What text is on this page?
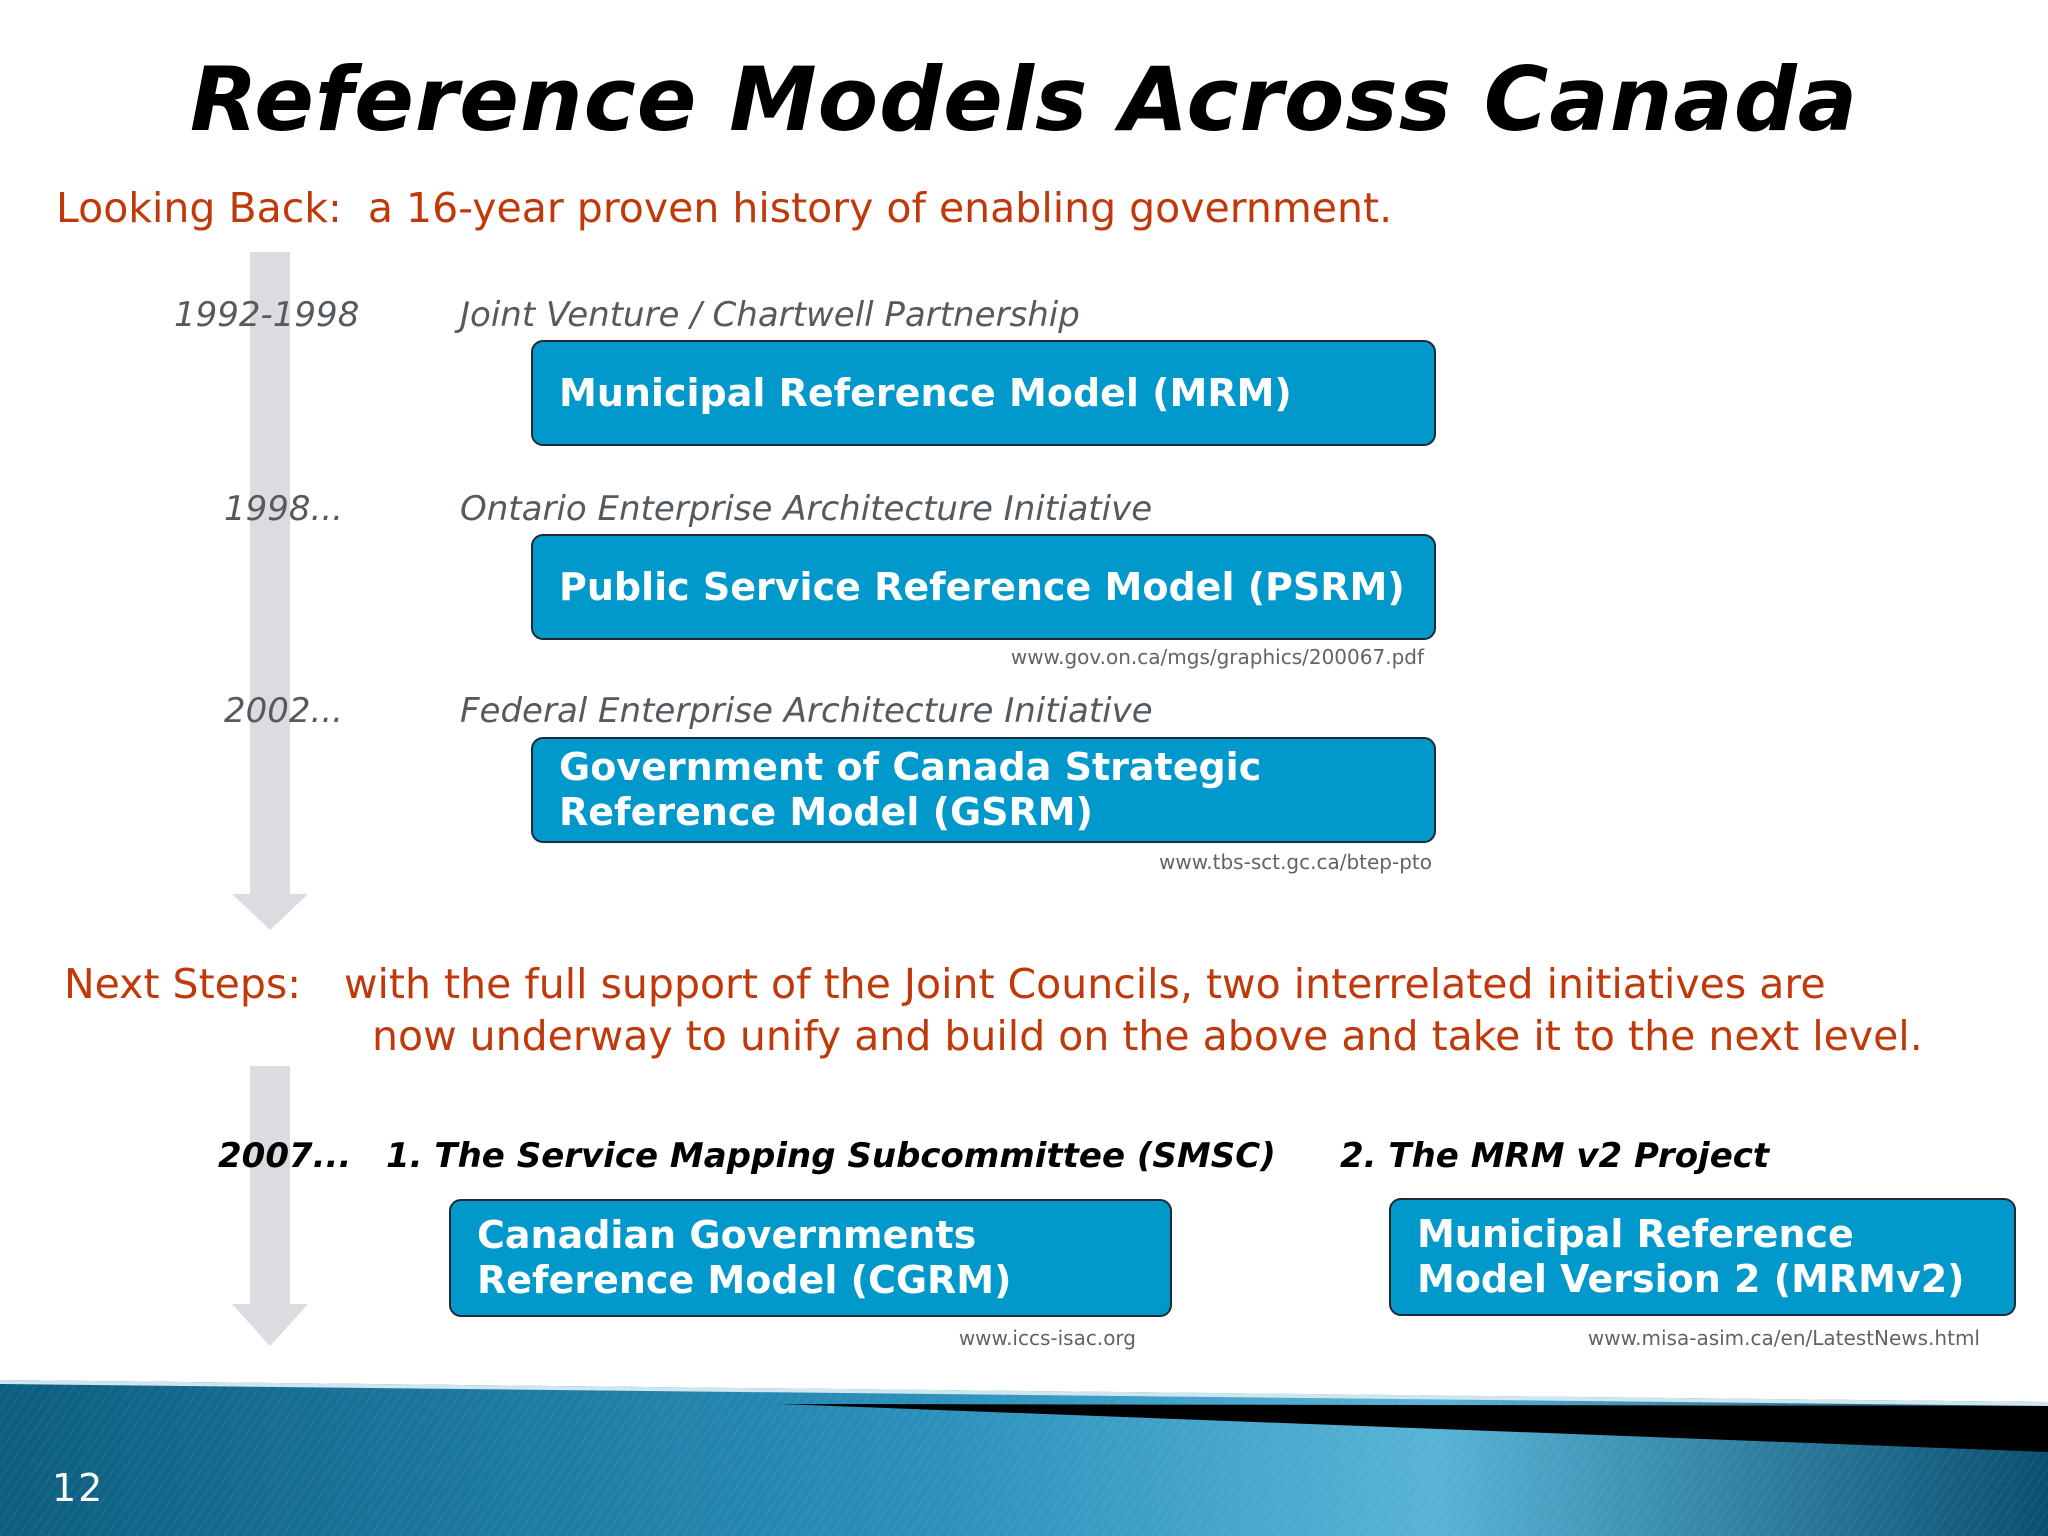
Reference Models Across Canada
Looking Back:  a 16-year proven history of enabling government.
1992-1998	Joint Venture / Chartwell Partnership
Municipal Reference Model (MRM)
1998...	Ontario Enterprise Architecture Initiative
Public Service Reference Model (PSRM)
www.gov.on.ca/mgs/graphics/200067.pdf
2002...	Federal Enterprise Architecture Initiative
Government of Canada Strategic
Reference Model (GSRM)
www.tbs-sct.gc.ca/btep-pto
Next Steps: with the full support of the Joint Councils, two interrelated initiatives are
now underway to unify and build on the above and take it to the next level.
2007... 1. The Service Mapping Subcommittee (SMSC) 2. The MRM v2 Project
Canadian Governments
Reference Model (CGRM)
www.iccs-isac.org
Municipal Reference
Model Version 2 (MRMv2)
www.misa-asim.ca/en/LatestNews.html
12
